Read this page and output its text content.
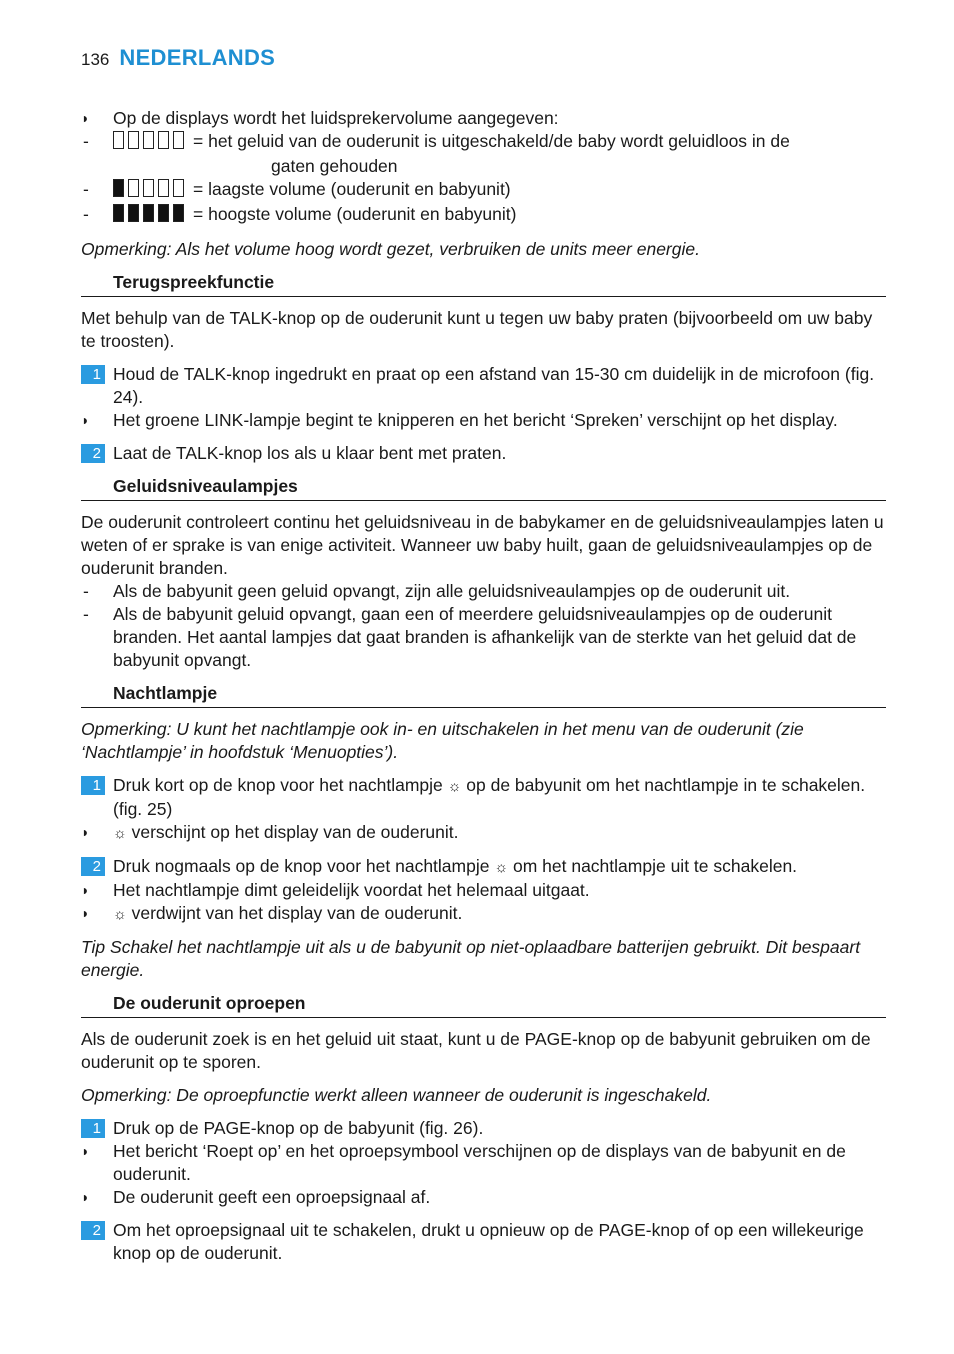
136 NEDERLANDS
◗	Op de displays wordt het luidsprekervolume aangegeven:
-	= het geluid van de ouderunit is uitgeschakeld/de baby wordt geluidloos in de
gaten gehouden
-	= laagste volume (ouderunit en babyunit)
-	= hoogste volume (ouderunit en babyunit)
Opmerking: Als het volume hoog wordt gezet, verbruiken de units meer energie.
Terugspreekfunctie
Met behulp van de TALK-knop op de ouderunit kunt u tegen uw baby praten (bijvoorbeeld om uw baby te troosten).
1 Houd de TALK-knop ingedrukt en praat op een afstand van 15-30 cm duidelijk in de microfoon (fig. 24).
◗	Het groene LINK-lampje begint te knipperen en het bericht ‘Spreken’ verschijnt op het display.
2 Laat de TALK-knop los als u klaar bent met praten.
Geluidsniveaulampjes
De ouderunit controleert continu het geluidsniveau in de babykamer en de geluidsniveaulampjes laten u weten of er sprake is van enige activiteit. Wanneer uw baby huilt, gaan de geluidsniveaulampjes op de ouderunit branden.
- Als de babyunit geen geluid opvangt, zijn alle geluidsniveaulampjes op de ouderunit uit.
- Als de babyunit geluid opvangt, gaan een of meerdere geluidsniveaulampjes op de ouderunit branden. Het aantal lampjes dat gaat branden is afhankelijk van de sterkte van het geluid dat de babyunit opvangt.
Nachtlampje
Opmerking: U kunt het nachtlampje ook in- en uitschakelen in het menu van de ouderunit (zie ‘Nachtlampje’ in hoofdstuk ‘Menuopties’).
1 Druk kort op de knop voor het nachtlampje ☼ op de babyunit om het nachtlampje in te schakelen. (fig. 25)
◗	☼ verschijnt op het display van de ouderunit.
2 Druk nogmaals op de knop voor het nachtlampje ☼ om het nachtlampje uit te schakelen.
◗	Het nachtlampje dimt geleidelijk voordat het helemaal uitgaat.
◗	☼ verdwijnt van het display van de ouderunit.
Tip Schakel het nachtlampje uit als u de babyunit op niet-oplaadbare batterijen gebruikt. Dit bespaart energie.
De ouderunit oproepen
Als de ouderunit zoek is en het geluid uit staat, kunt u de PAGE-knop op de babyunit gebruiken om de ouderunit op te sporen.
Opmerking: De oproepfunctie werkt alleen wanneer de ouderunit is ingeschakeld.
1 Druk op de PAGE-knop op de babyunit (fig. 26).
◗	Het bericht ‘Roept op’ en het oproepsymbool verschijnen op de displays van de babyunit en de ouderunit.
◗	De ouderunit geeft een oproepsignaal af.
2 Om het oproepsignaal uit te schakelen, drukt u opnieuw op de PAGE-knop of op een willekeurige knop op de ouderunit.
